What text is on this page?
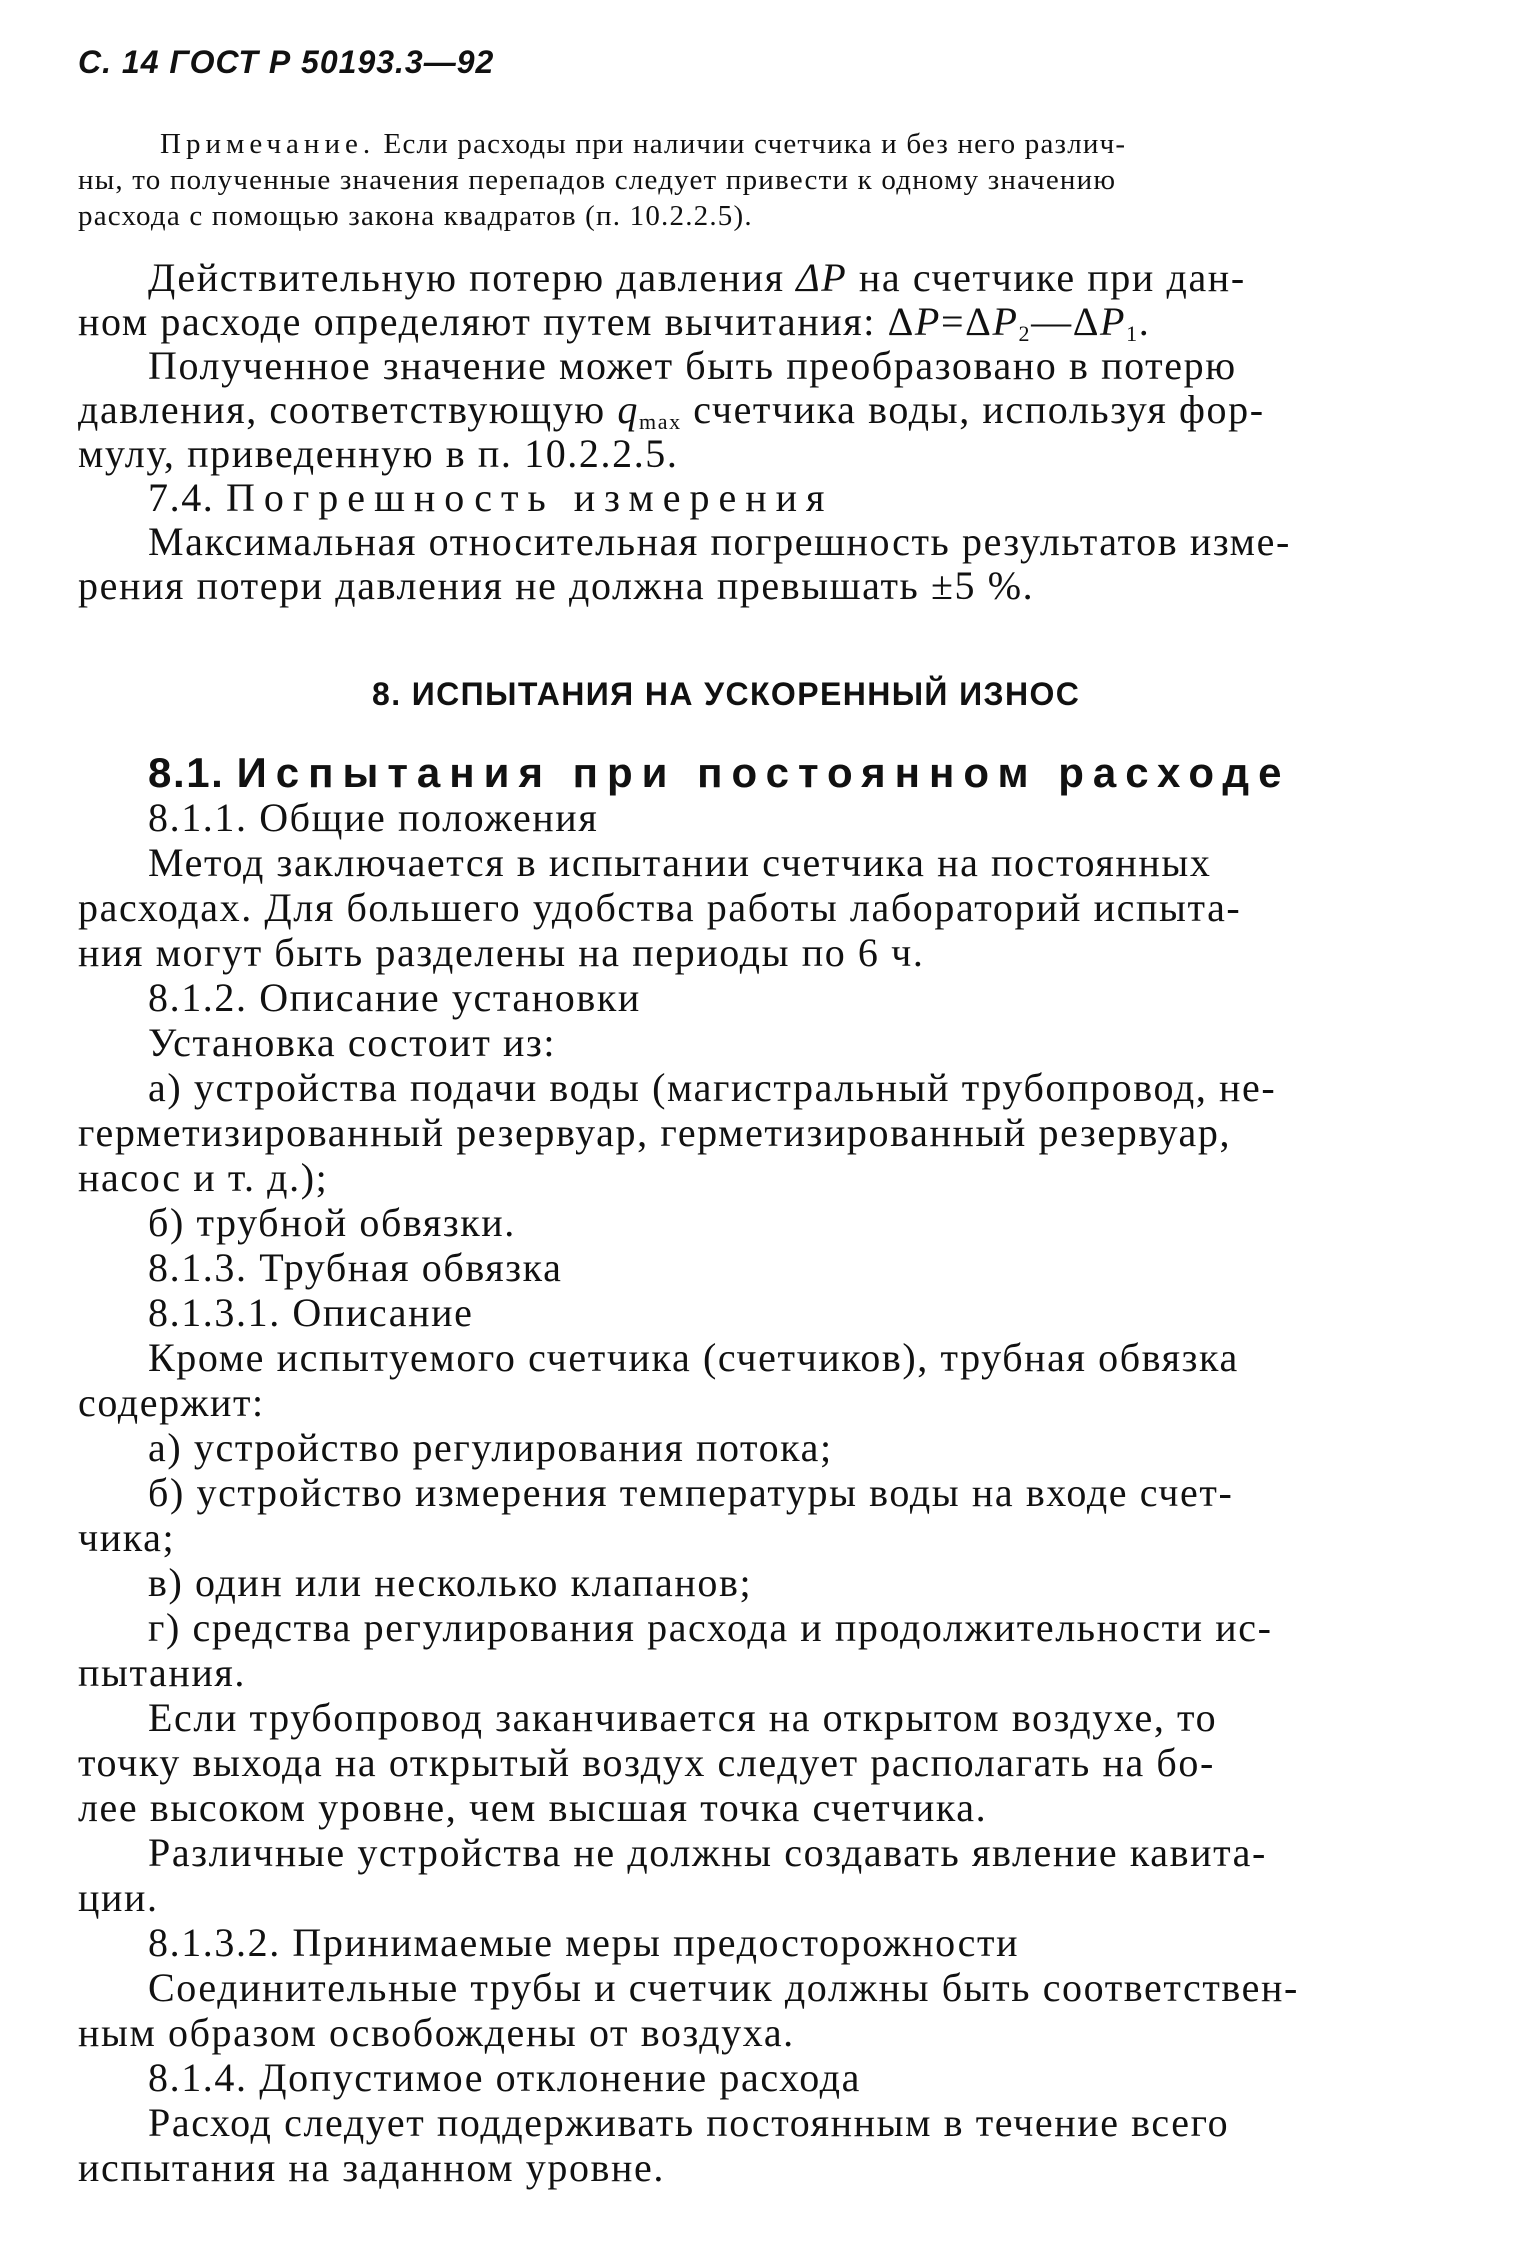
С. 14 ГОСТ Р 50193.3—92
Примечание. Если расходы при наличии счетчика и без него различ-
ны, то полученные значения перепадов следует привести к одному значению
расхода с помощью закона квадратов (п. 10.2.2.5).
Действительную потерю давления ΔP на счетчике при дан-
ном расходе определяют путем вычитания: $\Delta P=\Delta P_2—\Delta P_1$.
Полученное значение может быть преобразовано в потерю
давления, соответствующую $q_{max}$ счетчика воды, используя фор-
мулу, приведенную в п. 10.2.2.5.
7.4. Погрешность измерения
Максимальная относительная погрешность результатов изме-
рения потери давления не должна превышать ±5 %.
8. ИСПЫТАНИЯ НА УСКОРЕННЫЙ ИЗНОС
8.1. Испытания при постоянном расходе
8.1.1. Общие положения
Метод заключается в испытании счетчика на постоянных
расходах. Для большего удобства работы лабораторий испыта-
ния могут быть разделены на периоды по 6 ч.
8.1.2. Описание установки
Установка состоит из:
а) устройства подачи воды (магистральный трубопровод, не-
герметизированный резервуар, герметизированный резервуар,
насос и т. д.);
б) трубной обвязки.
8.1.3. Трубная обвязка
8.1.3.1. Описание
Кроме испытуемого счетчика (счетчиков), трубная обвязка
содержит:
а) устройство регулирования потока;
б) устройство измерения температуры воды на входе счет-
чика;
в) один или несколько клапанов;
г) средства регулирования расхода и продолжительности ис-
пытания.
Если трубопровод заканчивается на открытом воздухе, то
точку выхода на открытый воздух следует располагать на бо-
лее высоком уровне, чем высшая точка счетчика.
Различные устройства не должны создавать явление кавита-
ции.
8.1.3.2. Принимаемые меры предосторожности
Соединительные трубы и счетчик должны быть соответствен-
ным образом освобождены от воздуха.
8.1.4. Допустимое отклонение расхода
Расход следует поддерживать постоянным в течение всего
испытания на заданном уровне.
